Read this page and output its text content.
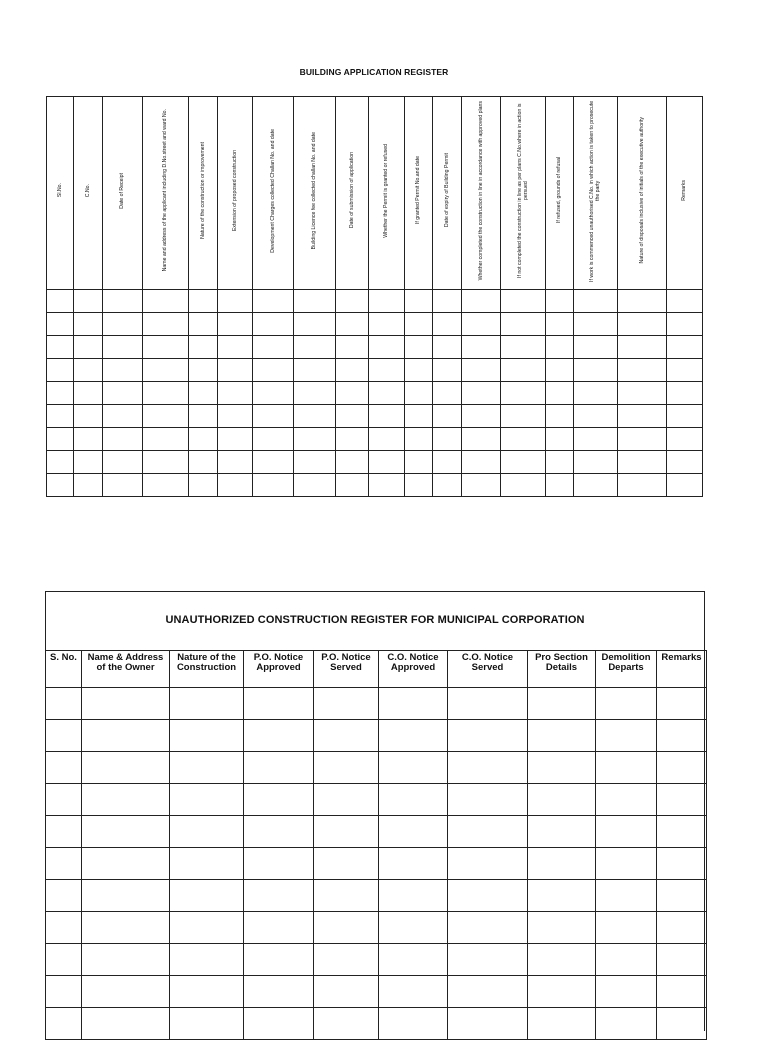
BUILDING APPLICATION REGISTER
Sl.No.	C.No.	Date of Receipt	Name and address of the applicant including D.No.street and ward No.	Nature of the construction or improvement	Extension of proposed construction	Development Charges collected Challan No. and date	Building Licence fee collected challan No. and date	Date of submission of application	Whether the Permit is granted or refused	If granted Permit No.and date	Date of expiry of Building Permit	Whether completed the construction in line in accordance with approved plans	If not completed the construction in line as per plans C.No.where in action is persued	If refused, grounds of refusal	If work is commenced unauthorised C.No. in which action is taken to prosecute the party	Nature of disposals inclusive of initials of the executive authority	Remarks

UNAUTHORIZED CONSTRUCTION REGISTER FOR MUNICIPAL CORPORATION
S. No.	Name & Address of the Owner	Nature of the Construction	P.O. Notice Approved	P.O. Notice Served	C.O. Notice Approved	C.O. Notice Served	Pro Section Details	Demolition Departs	Remarks
